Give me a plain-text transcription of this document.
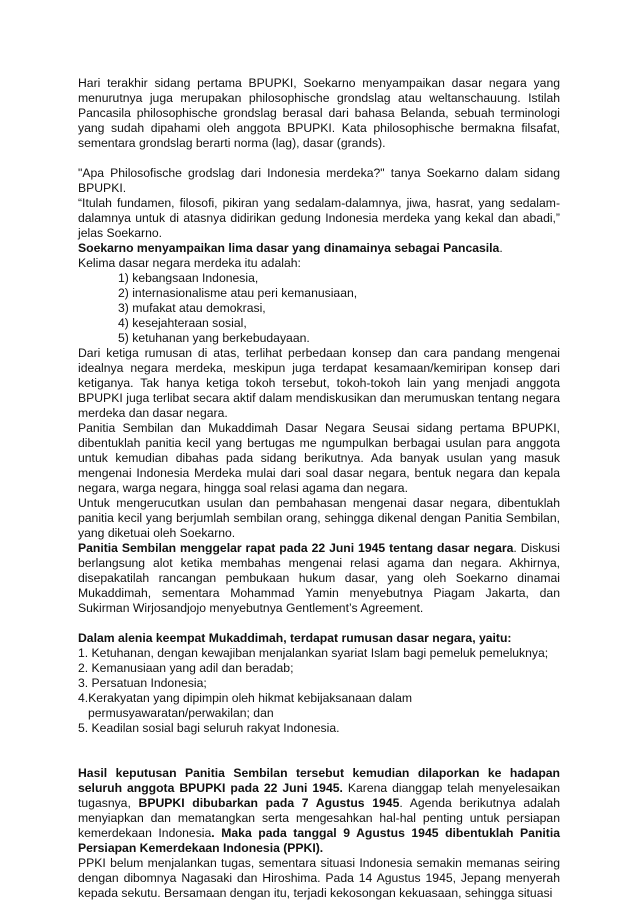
Hari terakhir sidang pertama BPUPKI, Soekarno menyampaikan dasar negara yang menurutnya juga merupakan philosophische grondslag atau weltanschauung. Istilah Pancasila philosophische grondslag berasal dari bahasa Belanda, sebuah terminologi yang sudah dipahami oleh anggota BPUPKI. Kata philosophische bermakna filsafat, sementara grondslag berarti norma (lag), dasar (grands).

"Apa Philosofische grodslag dari Indonesia merdeka?" tanya Soekarno dalam sidang BPUPKI.

“Itulah fundamen, filosofi, pikiran yang sedalam-dalamnya, jiwa, hasrat, yang sedalam-dalamnya untuk di atasnya didirikan gedung Indonesia merdeka yang kekal dan abadi,” jelas Soekarno.

Soekarno menyampaikan lima dasar yang dinamainya sebagai Pancasila.

Kelima dasar negara merdeka itu adalah:

1) kebangsaan Indonesia,
2) internasionalisme atau peri kemanusiaan,
3) mufakat atau demokrasi,
4) kesejahteraan sosial,
5) ketuhanan yang berkebudayaan.

Dari ketiga rumusan di atas, terlihat perbedaan konsep dan cara pandang mengenai idealnya negara merdeka, meskipun juga terdapat kesamaan/kemiripan konsep dari ketiganya. Tak hanya ketiga tokoh tersebut, tokoh-tokoh lain yang menjadi anggota BPUPKI juga terlibat secara aktif dalam mendiskusikan dan merumuskan tentang negara merdeka dan dasar negara.

Panitia Sembilan dan Mukaddimah Dasar Negara Seusai sidang pertama BPUPKI, dibentuklah panitia kecil yang bertugas me ngumpulkan berbagai usulan para anggota untuk kemudian dibahas pada sidang berikutnya. Ada banyak usulan yang masuk mengenai Indonesia Merdeka mulai dari soal dasar negara, bentuk negara dan kepala negara, warga negara, hingga soal relasi agama dan negara.

Untuk mengerucutkan usulan dan pembahasan mengenai dasar negara, dibentuklah panitia kecil yang berjumlah sembilan orang, sehingga dikenal dengan Panitia Sembilan, yang diketuai oleh Soekarno.

Panitia Sembilan menggelar rapat pada 22 Juni 1945 tentang dasar negara. Diskusi berlangsung alot ketika membahas mengenai relasi agama dan negara. Akhirnya, disepakatilah rancangan pembukaan hukum dasar, yang oleh Soekarno dinamai Mukaddimah, sementara Mohammad Yamin menyebutnya Piagam Jakarta, dan Sukirman Wirjosandjojo menyebutnya Gentlement’s Agreement.

Dalam alenia keempat Mukaddimah, terdapat rumusan dasar negara, yaitu:

1. Ketuhanan, dengan kewajiban menjalankan syariat Islam bagi pemeluk pemeluknya;
2. Kemanusiaan yang adil dan beradab;
3. Persatuan Indonesia;
4.Kerakyatan yang dipimpin oleh hikmat kebijaksanaan dalam
permusyawaratan/perwakilan; dan
5. Keadilan sosial bagi seluruh rakyat Indonesia.

Hasil keputusan Panitia Sembilan tersebut kemudian dilaporkan ke hadapan seluruh anggota BPUPKI pada 22 Juni 1945. Karena dianggap telah menyelesaikan tugasnya, BPUPKI dibubarkan pada 7 Agustus 1945. Agenda berikutnya adalah menyiapkan dan mematangkan serta mengesahkan hal-hal penting untuk persiapan kemerdekaan Indonesia. Maka pada tanggal 9 Agustus 1945 dibentuklah Panitia Persiapan Kemerdekaan Indonesia (PPKI).

PPKI belum menjalankan tugas, sementara situasi Indonesia semakin memanas seiring dengan dibomnya Nagasaki dan Hiroshima. Pada 14 Agustus 1945, Jepang menyerah kepada sekutu. Bersamaan dengan itu, terjadi kekosongan kekuasaan, sehingga situasi
